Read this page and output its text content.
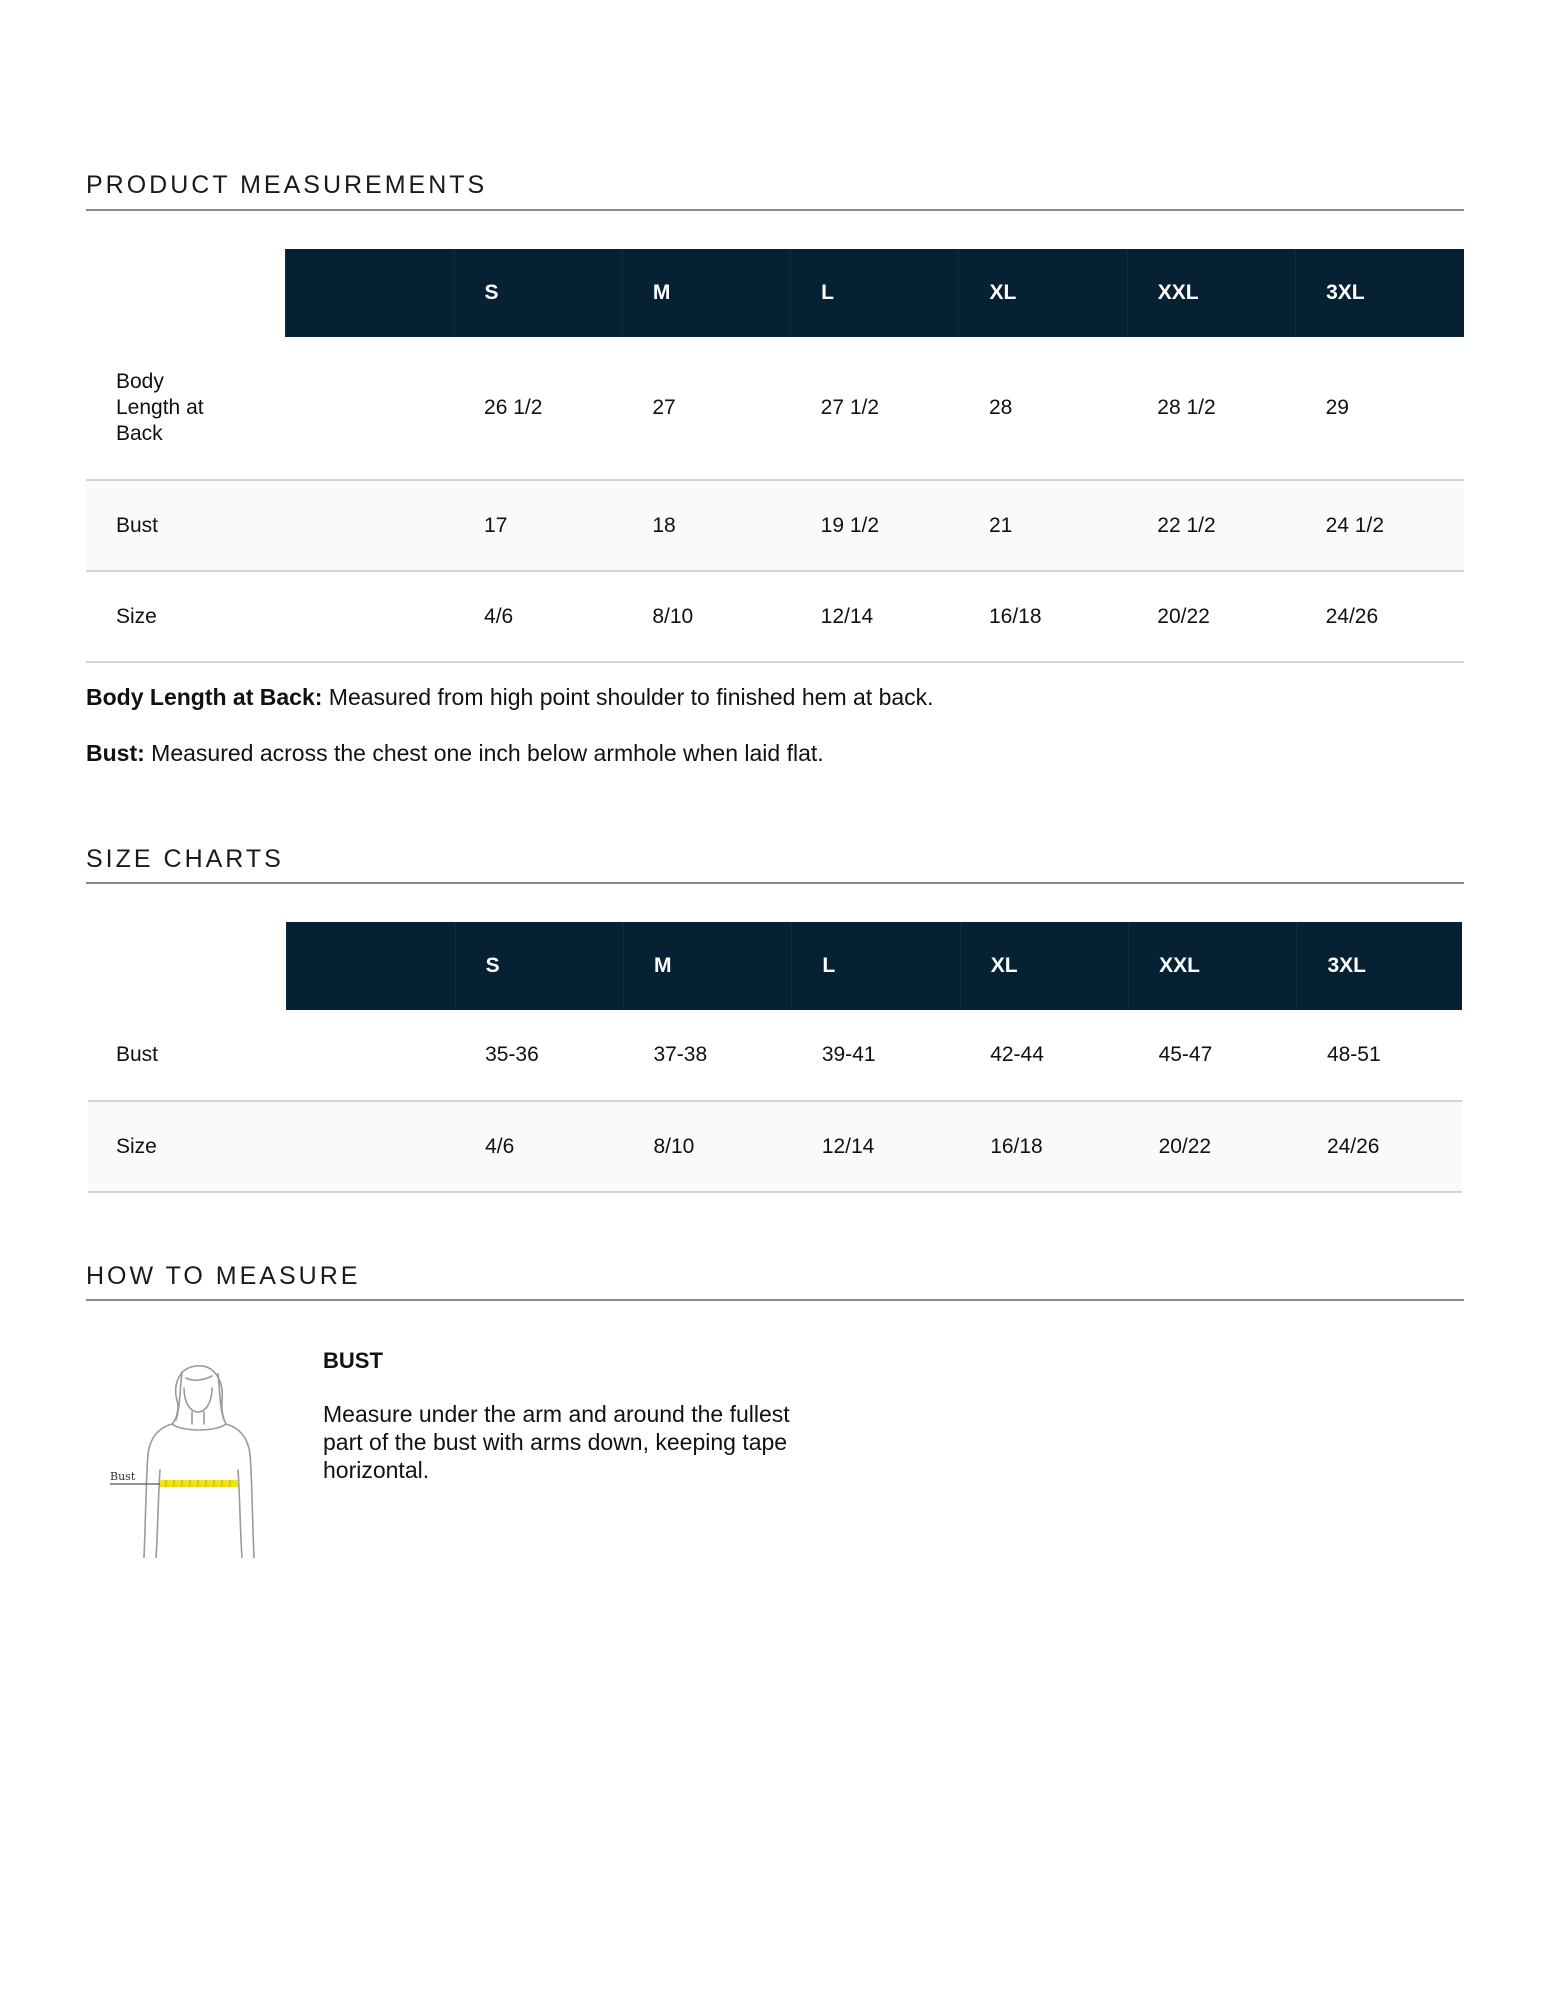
PRODUCT MEASUREMENTS
		S	M	L	XL	XXL	3XL

Body Length at Back		26 1/2	27	27 1/2	28	28 1/2	29
Bust		17	18	19 1/2	21	22 1/2	24 1/2
Size		4/6	8/10	12/14	16/18	20/22	24/26

Body Length at Back: Measured from high point shoulder to finished hem at back.

Bust: Measured across the chest one inch below armhole when laid flat.

SIZE CHARTS
		S	M	L	XL	XXL	3XL
Bust		35-36	37-38	39-41	42-44	45-47	48-51
Size		4/6	8/10	12/14	16/18	20/22	24/26
HOW TO MEASURE
Bust

BUST

Measure under the arm and around the fullest part of the bust with arms down, keeping tape horizontal.
